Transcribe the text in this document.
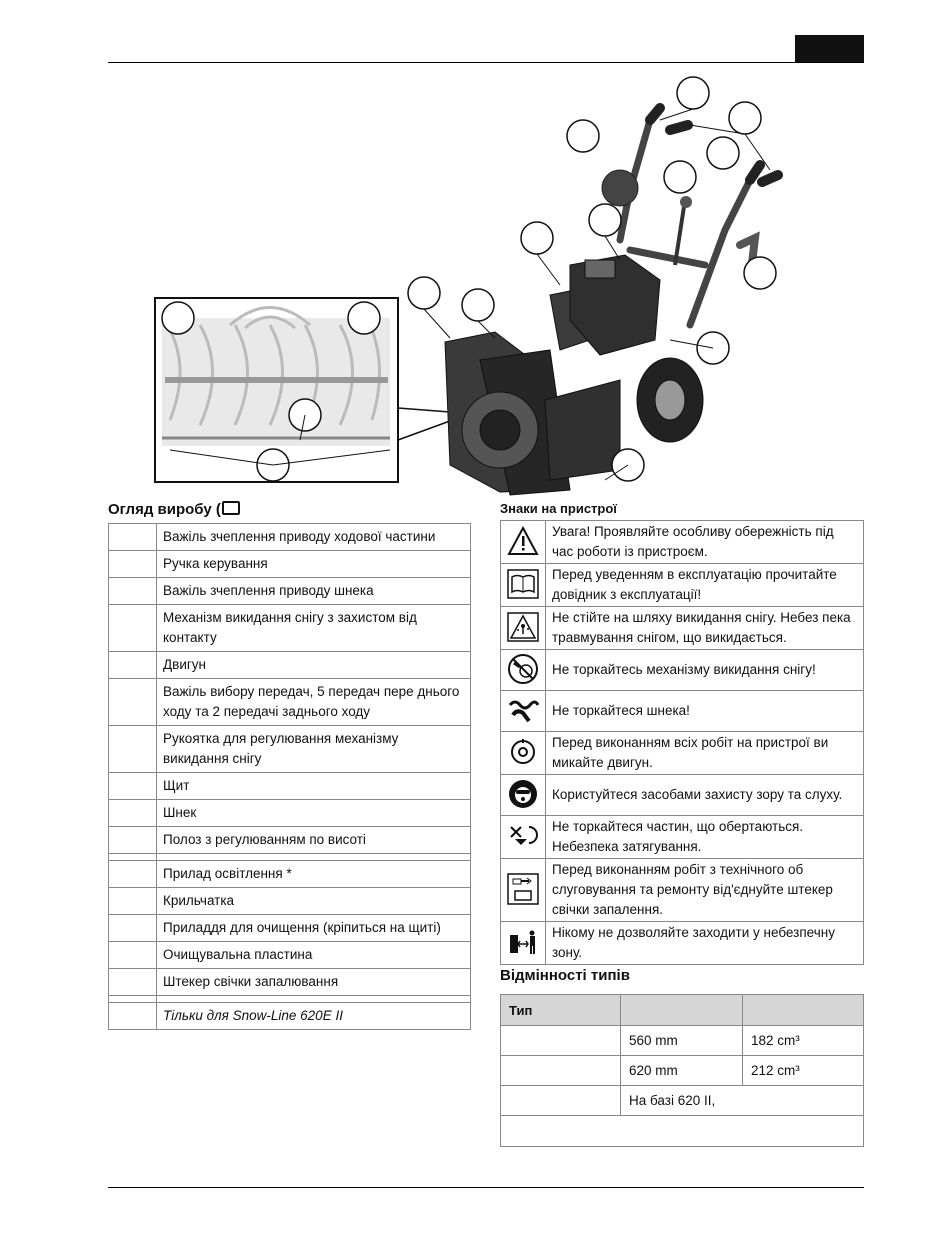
Огляд виробу (
	Важіль зчеплення приводу ходової частини
	Ручка керування
	Важіль зчеплення приводу шнека
	Механізм викидання снігу з захистом від контакту
	Двигун
	Важіль вибору передач, 5 передач пере днього ходу та 2 передачі заднього ходу
	Рукоятка для регулювання механізму викидання снігу
	Щит
	Шнек
	Полоз з регулюванням по висоті

	Прилад освітлення *
	Крильчатка
	Приладдя для очищення (кріпиться на щиті)
	Очищувальна пластина
	Штекер свічки запалювання

	Тільки для Snow-Line 620E II
Знаки на пристрої
	Увага! Проявляйте особливу обережність під час роботи із пристроєм.
	Перед уведенням в експлуатацію прочитайте довідник з експлуатації!
	Не стійте на шляху викидання снігу. Небез пека травмування снігом, що викидається.
	Не торкайтесь механізму викидання снігу!
	Не торкайтеся шнека!
	Перед виконанням всіх робіт на пристрої ви микайте двигун.
	Користуйтеся засобами захисту зору та слуху.
	Не торкайтеся частин, що обертаються. Небезпека затягування.
	Перед виконанням робіт з технічного об слуговування та ремонту від'єднуйте штекер свічки запалення.
	Нікому не дозволяйте заходити у небезпечну зону.
Відмінності типів
Тип		
	560 mm	182 cm³
	620 mm	212 cm³
	На базі 620 II,	
